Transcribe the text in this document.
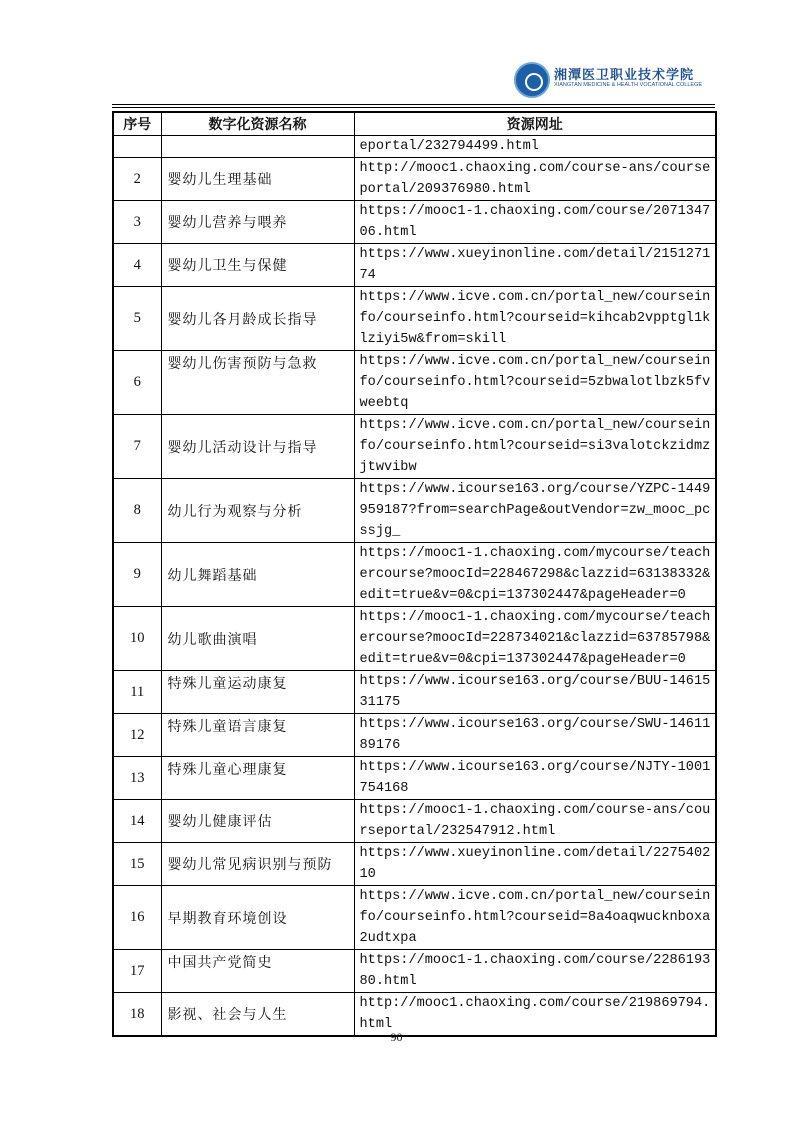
湘潭医卫职业技术学院
XIANGTAN MEDICINE & HEALTH VOCATIONAL COLLEGE
序号	数字化资源名称	资源网址
		eportal/232794499.html
2	婴幼儿生理基础	http://mooc1.chaoxing.com/course-ans/courseportal/209376980.html
3	婴幼儿营养与喂养	https://mooc1-1.chaoxing.com/course/207134706.html
4	婴幼儿卫生与保健	https://www.xueyinonline.com/detail/215127174
5	婴幼儿各月龄成长指导	https://www.icve.com.cn/portal_new/courseinfo/courseinfo.html?courseid=kihcab2vpptgl1klziyi5w&from=skill
6	婴幼儿伤害预防与急救	https://www.icve.com.cn/portal_new/courseinfo/courseinfo.html?courseid=5zbwalotlbzk5fvweebtq
7	婴幼儿活动设计与指导	https://www.icve.com.cn/portal_new/courseinfo/courseinfo.html?courseid=si3valotckzidmzjtwvibw
8	幼儿行为观察与分析	https://www.icourse163.org/course/YZPC-1449959187?from=searchPage&outVendor=zw_mooc_pcssjg_
9	幼儿舞蹈基础	https://mooc1-1.chaoxing.com/mycourse/teachercourse?moocId=228467298&clazzid=63138332&edit=true&v=0&cpi=137302447&pageHeader=0
10	幼儿歌曲演唱	https://mooc1-1.chaoxing.com/mycourse/teachercourse?moocId=228734021&clazzid=63785798&edit=true&v=0&cpi=137302447&pageHeader=0
11	特殊儿童运动康复	https://www.icourse163.org/course/BUU-1461531175
12	特殊儿童语言康复	https://www.icourse163.org/course/SWU-1461189176
13	特殊儿童心理康复	https://www.icourse163.org/course/NJTY-1001754168
14	婴幼儿健康评估	https://mooc1-1.chaoxing.com/course-ans/courseportal/232547912.html
15	婴幼儿常见病识别与预防	https://www.xueyinonline.com/detail/227540210
16	早期教育环境创设	https://www.icve.com.cn/portal_new/courseinfo/courseinfo.html?courseid=8a4oaqwucknboxa2udtxpa
17	中国共产党简史	https://mooc1-1.chaoxing.com/course/228619380.html
18	影视、社会与人生	http://mooc1.chaoxing.com/course/219869794.html
90
